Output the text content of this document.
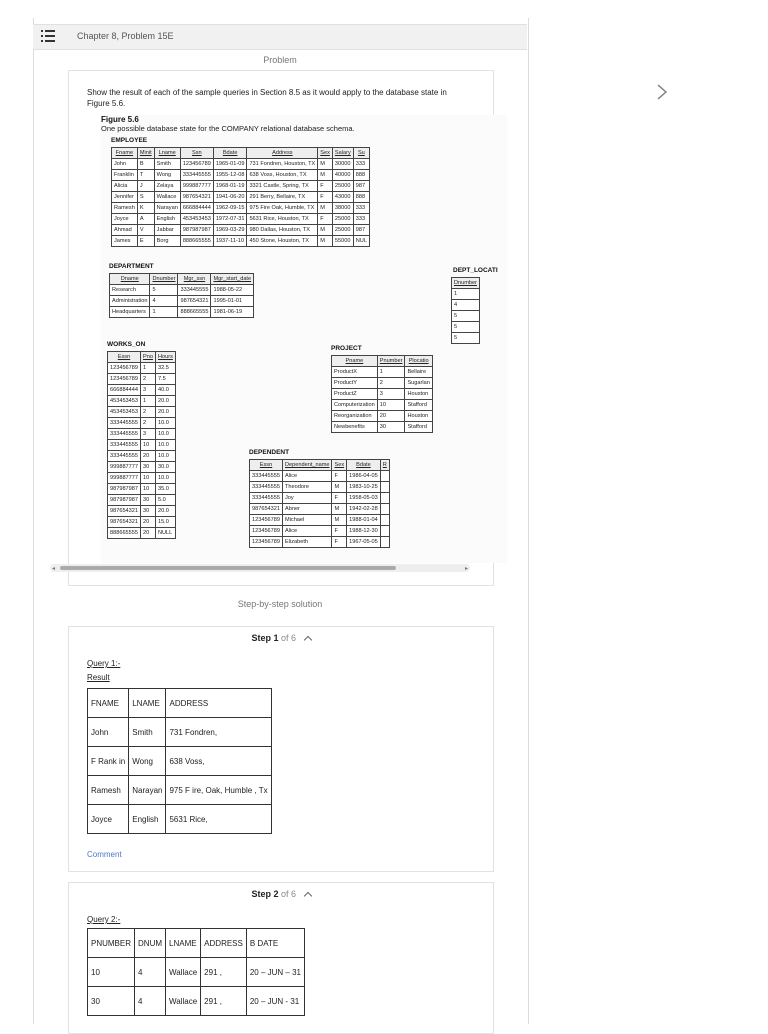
Chapter 8, Problem 15E
Problem
Show the result of each of the sample queries in Section 8.5 as it would apply to the database state in Figure 5.6.
Figure 5.6
One possible database state for the COMPANY relational database schema.
EMPLOYEE
Fname	Minit	Lname	Ssn	Bdate	Address	Sex	Salary	Su
John	B	Smith	123456789	1965-01-09	731 Fondren, Houston, TX	M	30000	333
Franklin	T	Wong	333445555	1955-12-08	638 Voss, Houston, TX	M	40000	888
Alicia	J	Zelaya	999887777	1968-01-19	3321 Castle, Spring, TX	F	25000	987
Jennifer	S	Wallace	987654321	1941-06-20	291 Berry, Bellaire, TX	F	43000	888
Ramesh	K	Narayan	666884444	1962-09-15	975 Fire Oak, Humble, TX	M	38000	333
Joyce	A	English	453453453	1972-07-31	5631 Rice, Houston, TX	F	25000	333
Ahmad	V	Jabbar	987987987	1969-03-29	980 Dallas, Houston, TX	M	25000	987
James	E	Borg	888665555	1937-11-10	450 Stone, Houston, TX	M	55000	NUL
DEPARTMENT
Dname	Dnumber	Mgr_ssn	Mgr_start_date
Research	5	333445555	1988-05-22
Administration	4	987654321	1995-01-01
Headquarters	1	888665555	1981-06-19
DEPT_LOCATI
Dnumber
1
4
5
5
5
WORKS_ON
Essn	Pno	Hours
123456789	1	32.5
123456789	2	7.5
666884444	3	40.0
453453453	1	20.0
453453453	2	20.0
333445555	2	10.0
333445555	3	10.0
333445555	10	10.0
333445555	20	10.0
999887777	30	30.0
999887777	10	10.0
987987987	10	35.0
987987987	30	5.0
987654321	30	20.0
987654321	20	15.0
888665555	20	NULL
PROJECT
Pname	Pnumber	Plocatio
ProductX	1	Bellaire
ProductY	2	Sugarlan
ProductZ	3	Houston
Computerization	10	Stafford
Reorganization	20	Houston
Newbenefits	30	Stafford
DEPENDENT
Essn	Dependent_name	Sex	Bdate	R
333445555	Alice	F	1986-04-05	
333445555	Theodore	M	1983-10-25	
333445555	Joy	F	1958-05-03	
987654321	Abner	M	1942-02-28	
123456789	Michael	M	1988-01-04	
123456789	Alice	F	1988-12-30	
123456789	Elizabeth	F	1967-05-05	
◂	▸
Step-by-step solution
Step 1 of 6
Query 1:-
Result
FNAME	LNAME	ADDRESS
John	Smith	731 Fondren,
F Rank in	Wong	638 Voss,
Ramesh	Narayan	975 F ire, Oak, Humble , Tx
Joyce	English	5631 Rice,
Comment
Step 2 of 6
Query 2:-
PNUMBER	DNUM	LNAME	ADDRESS	B DATE
10	4	Wallace	291 ,	20 – JUN – 31
30	4	Wallace	291 ,	20 – JUN - 31
